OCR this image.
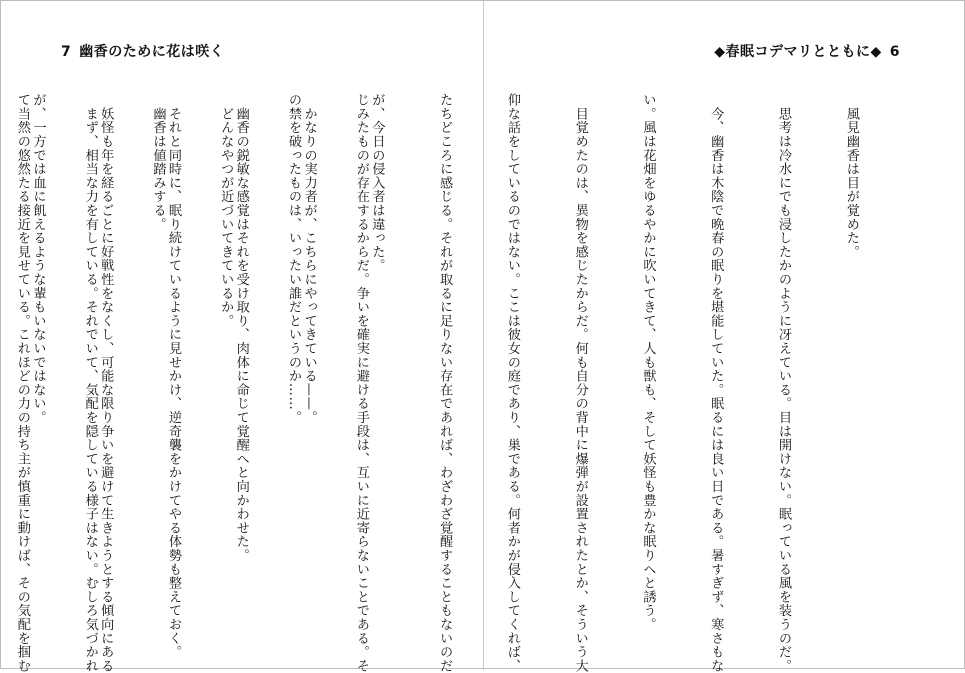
7 幽香のために花は咲く

じみたものが存在するからだ。争いを確実に避ける手段は、互いに近寄らないことである。そ

の禁を破ったものは、いったい誰だというのか……。

　どんなやつが近づいてきているか。

　幽香は値踏みする。

　まず、相当な力を有している。それでいて、気配を隠している様子はない。むしろ気づかれ

て当然の悠然たる接近を見せている。これほどの力の持ち主が慎重に動けば、その気配を掴む

◆春眠コデマリとともに◆ 6

　風見幽香は目が覚めた。

　思考は冷水にでも浸したかのように冴えている。目は開けない。眠っている風を装うのだ。

　今、幽香は木陰で晩春の眠りを堪能していた。眠るには良い日である。暑すぎず、寒さもな

い。風は花畑をゆるやかに吹いてきて、人も獣も、そして妖怪も豊かな眠りへと誘う。

　目覚めたのは、異物を感じたからだ。何も自分の背中に爆弾が設置されたとか、そういう大

仰な話をしているのではない。ここは彼女の庭であり、巣である。何者かが侵入してくれば、

たちどころに感じる。それが取るに足りない存在であれば、わざわざ覚醒することもないのだ

が、今日の侵入者は違った。

　かなりの実力者が、こちらにやってきている——。

　幽香の鋭敏な感覚はそれを受け取り、肉体に命じて覚醒へと向かわせた。

　それと同時に、眠り続けているように見せかけ、逆奇襲をかけてやる体勢も整えておく。

　妖怪も年を経るごとに好戦性をなくし、可能な限り争いを避けて生きようとする傾向にある

が、一方では血に飢えるような輩もいないではない。
